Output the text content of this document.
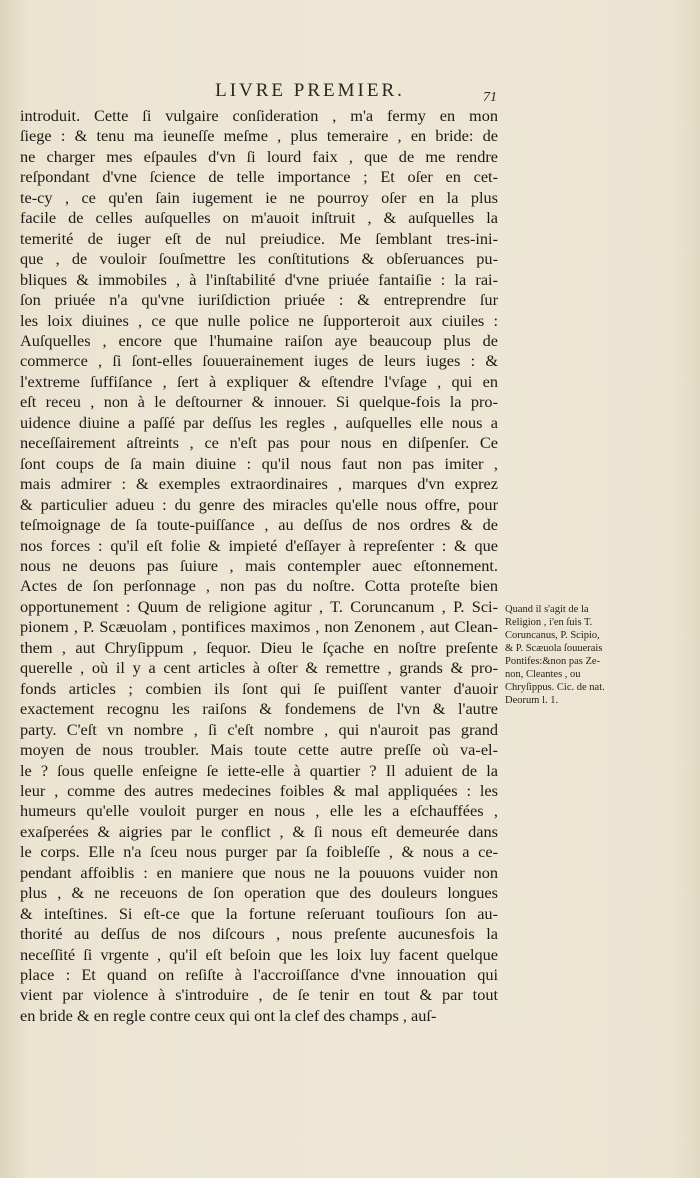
LIVRE PREMIER.	71
introduit. Cette ſi vulgaire conſideration , m'a fermy en mon
ſiege : & tenu ma ieuneſſe meſme , plus temeraire , en bride: de
ne charger mes eſpaules d'vn ſi lourd faix , que de me rendre
reſpondant d'vne ſcience de telle importance ; Et oſer en cet-
te-cy , ce qu'en ſain iugement ie ne pourroy oſer en la plus
facile de celles auſquelles on m'auoit inſtruit , & auſquelles la
temerité de iuger eſt de nul preiudice. Me ſemblant tres-ini-
que , de vouloir ſouſmettre les conſtitutions & obſeruances pu-
bliques & immobiles , à l'inſtabilité d'vne priuée fantaiſie : la rai-
ſon priuée n'a qu'vne iuriſdiction priuée : & entreprendre ſur
les loix diuines , ce que nulle police ne ſupporteroit aux ciuiles :
Auſquelles , encore que l'humaine raiſon aye beaucoup plus de
commerce , ſi ſont-elles ſouuerainement iuges de leurs iuges : &
l'extreme ſuffiſance , ſert à expliquer & eſtendre l'vſage , qui en
eſt receu , non à le deſtourner & innouer. Si quelque-fois la pro-
uidence diuine a paſſé par deſſus les regles , auſquelles elle nous a
neceſſairement aſtreints , ce n'eſt pas pour nous en diſpenſer. Ce
ſont coups de ſa main diuine : qu'il nous faut non pas imiter ,
mais admirer : & exemples extraordinaires , marques d'vn exprez
& particulier adueu : du genre des miracles qu'elle nous offre, pour
teſmoignage de ſa toute-puiſſance , au deſſus de nos ordres & de
nos forces : qu'il eſt folie & impieté d'eſſayer à repreſenter : & que
nous ne deuons pas ſuiure , mais contempler auec eſtonnement.
Actes de ſon perſonnage , non pas du noſtre. Cotta proteſte bien
opportunement : Quum de religione agitur , T. Coruncanum , P. Sci-
pionem , P. Scæuolam , pontifices maximos , non Zenonem , aut Clean-
them , aut Chryſippum , ſequor. Dieu le ſçache en noſtre preſente
querelle , où il y a cent articles à oſter & remettre , grands & pro-
fonds articles ; combien ils ſont qui ſe puiſſent vanter d'auoir
exactement recognu les raiſons & fondemens de l'vn & l'autre
party. C'eſt vn nombre , ſi c'eſt nombre , qui n'auroit pas grand
moyen de nous troubler. Mais toute cette autre preſſe où va-el-
le ? ſous quelle enſeigne ſe iette-elle à quartier ? Il aduient de la
leur , comme des autres medecines foibles & mal appliquées : les
humeurs qu'elle vouloit purger en nous , elle les a eſchauffées ,
exaſperées & aigries par le conflict , & ſi nous eſt demeurée dans
le corps. Elle n'a ſceu nous purger par ſa foibleſſe , & nous a ce-
pendant affoiblis : en maniere que nous ne la pouuons vuider non
plus , & ne receuons de ſon operation que des douleurs longues
& inteſtines. Si eſt-ce que la fortune reſeruant touſiours ſon au-
thorité au deſſus de nos diſcours , nous preſente aucunesfois la
neceſſité ſi vrgente , qu'il eſt beſoin que les loix luy facent quelque
place : Et quand on reſiſte à l'accroiſſance d'vne innouation qui
vient par violence à s'introduire , de ſe tenir en tout & par tout
en bride & en regle contre ceux qui ont la clef des champs , auſ-
Quand il s'agit de la
Religion , i'en ſuis T.
Coruncanus, P. Scipio,
& P. Scæuola ſouuerais
Pontifes:&non pas Ze-
non, Cleantes , ou
Chryſippus. Cic. de nat.
Deorum l. 1.
